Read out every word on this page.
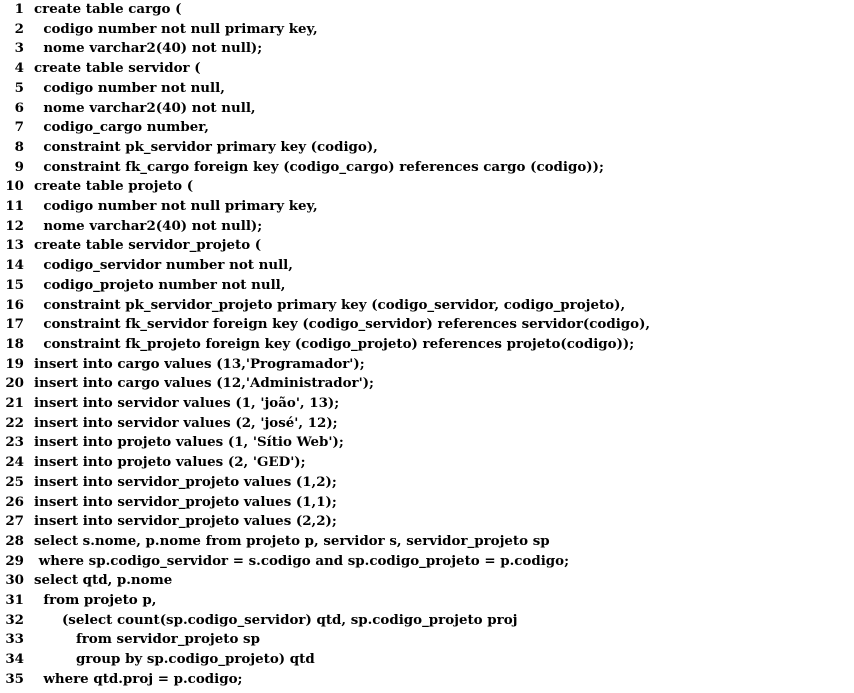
1 create table cargo (
2  codigo number not null primary key,
3  nome varchar2(40) not null);
4 create table servidor (
5  codigo number not null,
6  nome varchar2(40) not null,
7  codigo_cargo number,
8  constraint pk_servidor primary key (codigo),
9  constraint fk_cargo foreign key (codigo_cargo) references cargo (codigo));
10 create table projeto (
11  codigo number not null primary key,
12  nome varchar2(40) not null);
13 create table servidor_projeto (
14  codigo_servidor number not null,
15  codigo_projeto number not null,
16  constraint pk_servidor_projeto primary key (codigo_servidor, codigo_projeto),
17  constraint fk_servidor foreign key (codigo_servidor) references servidor(codigo),
18  constraint fk_projeto foreign key (codigo_projeto) references projeto(codigo));
19 insert into cargo values (13,'Programador');
20 insert into cargo values (12,'Administrador');
21 insert into servidor values (1, 'joão', 13);
22 insert into servidor values (2, 'josé', 12);
23 insert into projeto values (1, 'Sítio Web');
24 insert into projeto values (2, 'GED');
25 insert into servidor_projeto values (1,2);
26 insert into servidor_projeto values (1,1);
27 insert into servidor_projeto values (2,2);
28 select s.nome, p.nome from projeto p, servidor s, servidor_projeto sp
29 where sp.codigo_servidor = s.codigo and sp.codigo_projeto = p.codigo;
30 select qtd, p.nome
31  from projeto p,
32      (select count(sp.codigo_servidor) qtd, sp.codigo_projeto proj
33         from servidor_projeto sp
34         group by sp.codigo_projeto) qtd
35  where qtd.proj = p.codigo;
